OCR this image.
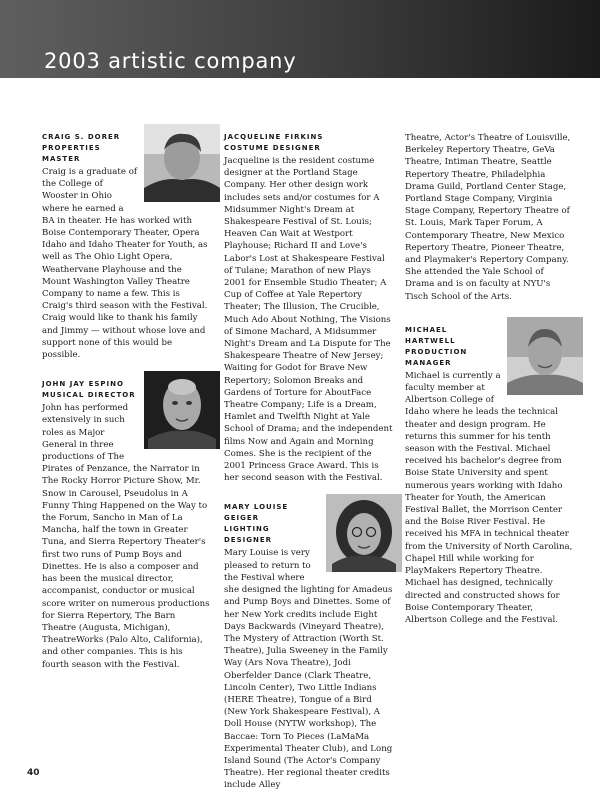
2003 artistic company

CRAIG S. DORER

PROPERTIES MASTER

Craig is a graduate of the College of Wooster in Ohio where he earned a BA in theater. He has worked with Boise Contemporary Theater, Opera Idaho and Idaho Theater for Youth, as well as The Ohio Light Opera, Weathervane Playhouse and the Mount Washington Valley Theatre Company to name a few. This is Craig's third season with the Festival. Craig would like to thank his family and Jimmy — without whose love and support none of this would be possible.

JOHN JAY ESPINO

MUSICAL DIRECTOR

John has performed extensively in such roles as Major General in three productions of The Pirates of Penzance, the Narrator in The Rocky Horror Picture Show, Mr. Snow in Carousel, Pseudolus in A Funny Thing Happened on the Way to the Forum, Sancho in Man of La Mancha, half the town in Greater Tuna, and Sierra Repertory Theater's first two runs of Pump Boys and Dinettes. He is also a composer and has been the musical director, accompanist, conductor or musical score writer on numerous productions for Sierra Repertory, The Barn Theatre (Augusta, Michigan), TheatreWorks (Palo Alto, California), and other companies. This is his fourth season with the Festival.

JACQUELINE FIRKINS

COSTUME DESIGNER

Jacqueline is the resident costume designer at the Portland Stage Company. Her other design work includes sets and/or costumes for A Midsummer Night's Dream at Shakespeare Festival of St. Louis; Heaven Can Wait at Westport Playhouse; Richard II and Love's Labor's Lost at Shakespeare Festival of Tulane; Marathon of new Plays 2001 for Ensemble Studio Theater; A Cup of Coffee at Yale Repertory Theater; The Illusion, The Crucible, Much Ado About Nothing, The Visions of Simone Machard, A Midsummer Night's Dream and La Dispute for The Shakespeare Theatre of New Jersey; Waiting for Godot for Brave New Repertory; Solomon Breaks and Gardens of Torture for AboutFace Theatre Company; Life is a Dream, Hamlet and Twelfth Night at Yale School of Drama; and the independent films Now and Again and Morning Comes. She is the recipient of the 2001 Princess Grace Award. This is her second season with the Festival.

MARY LOUISE GEIGER

LIGHTING DESIGNER

Mary Louise is very pleased to return to the Festival where she designed the lighting for Amadeus and Pump Boys and Dinettes. Some of her New York credits include Eight Days Backwards (Vineyard Theatre), The Mystery of Attraction (Worth St. Theatre), Julia Sweeney in the Family Way (Ars Nova Theatre), Jodi Oberfelder Dance (Clark Theatre, Lincoln Center), Two Little Indians (HERE Theatre), Tongue of a Bird (New York Shakespeare Festival), A Doll House (NYTW workshop), The Baccae: Torn To Pieces (LaMaMa Experimental Theater Club), and Long Island Sound (The Actor's Company Theatre). Her regional theater credits include Alley

Theatre, Actor's Theatre of Louisville, Berkeley Repertory Theatre, GeVa Theatre, Intiman Theatre, Seattle Repertory Theatre, Philadelphia Drama Guild, Portland Center Stage, Portland Stage Company, Virginia Stage Company, Repertory Theatre of St. Louis, Mark Taper Forum, A Contemporary Theatre, New Mexico Repertory Theatre, Pioneer Theatre, and Playmaker's Repertory Company. She attended the Yale School of Drama and is on faculty at NYU's Tisch School of the Arts.

MICHAEL HARTWELL

PRODUCTION MANAGER

Michael is currently a faculty member at Albertson College of Idaho where he leads the technical theater and design program. He returns this summer for his tenth season with the Festival. Michael received his bachelor's degree from Boise State University and spent numerous years working with Idaho Theater for Youth, the American Festival Ballet, the Morrison Center and the Boise River Festival. He received his MFA in technical theater from the University of North Carolina, Chapel Hill while working for PlayMakers Repertory Theatre. Michael has designed, technically directed and constructed shows for Boise Contemporary Theater, Albertson College and the Festival.

40
